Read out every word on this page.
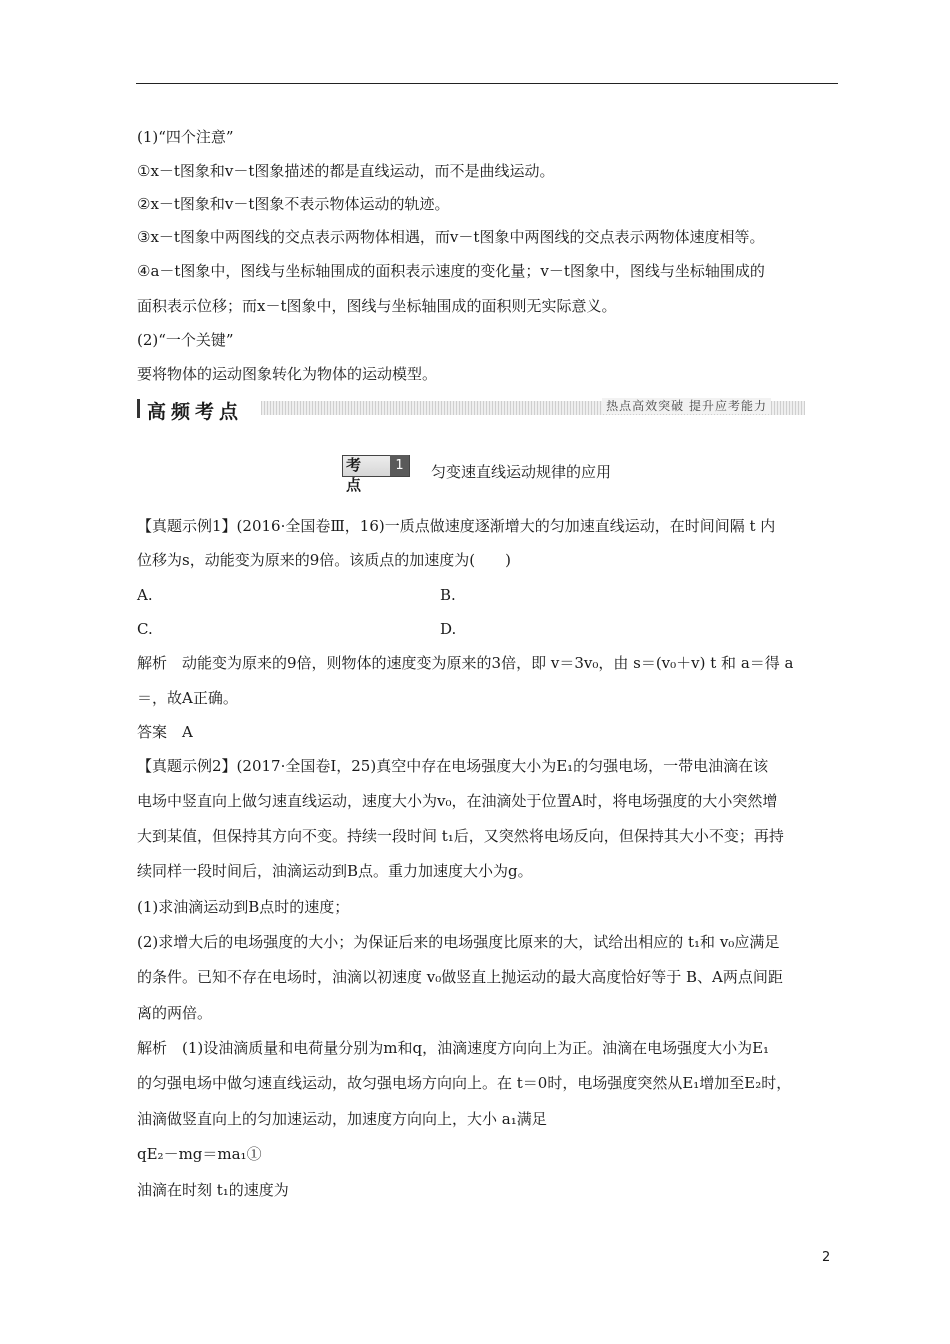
(1)“四个注意”
①x－t图象和v－t图象描述的都是直线运动，而不是曲线运动。
②x－t图象和v－t图象不表示物体运动的轨迹。
③x－t图象中两图线的交点表示两物体相遇，而v－t图象中两图线的交点表示两物体速度相等。
④a－t图象中，图线与坐标轴围成的面积表示速度的变化量；v－t图象中，图线与坐标轴围成的
面积表示位移；而x－t图象中，图线与坐标轴围成的面积则无实际意义。
(2)“一个关键”
要将物体的运动图象转化为物体的运动模型。
高频考点	热点高效突破 提升应考能力
考点
1	匀变速直线运动规律的应用
【真题示例1】(2016·全国卷Ⅲ，16)一质点做速度逐渐增大的匀加速直线运动，在时间间隔 t 内
位移为s，动能变为原来的9倍。该质点的加速度为(　　)
A.	B.
C.	D.
解析　动能变为原来的9倍，则物体的速度变为原来的3倍，即 v＝3v₀，由 s＝(v₀＋v) t 和 a＝得 a
＝，故A正确。
答案　A
【真题示例2】(2017·全国卷Ⅰ，25)真空中存在电场强度大小为E₁的匀强电场，一带电油滴在该
电场中竖直向上做匀速直线运动，速度大小为v₀，在油滴处于位置A时，将电场强度的大小突然增
大到某值，但保持其方向不变。持续一段时间 t₁后，又突然将电场反向，但保持其大小不变；再持
续同样一段时间后，油滴运动到B点。重力加速度大小为g。
(1)求油滴运动到B点时的速度；
(2)求增大后的电场强度的大小；为保证后来的电场强度比原来的大，试给出相应的 t₁和 v₀应满足
的条件。已知不存在电场时，油滴以初速度 v₀做竖直上抛运动的最大高度恰好等于 B、A两点间距
离的两倍。
解析　(1)设油滴质量和电荷量分别为m和q，油滴速度方向向上为正。油滴在电场强度大小为E₁
的匀强电场中做匀速直线运动，故匀强电场方向向上。在 t＝0时，电场强度突然从E₁增加至E₂时，
油滴做竖直向上的匀加速运动，加速度方向向上，大小 a₁满足
qE₂－mg＝ma₁①
油滴在时刻 t₁的速度为
2
